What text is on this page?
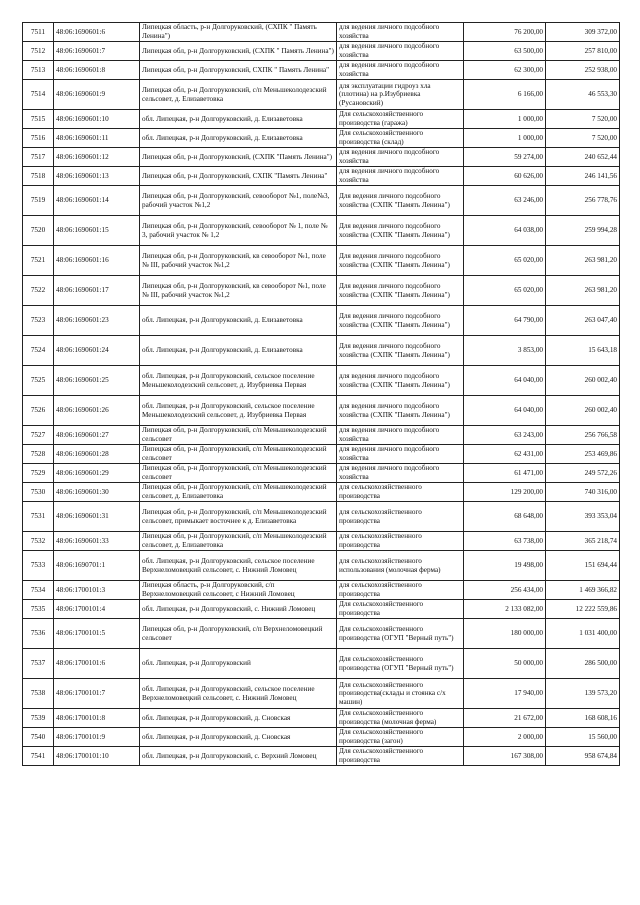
7511	48:06:1690601:6	Липецкая область, р-н Долгоруковский, (СХПК " Память Ленина")	для ведения личного подсобного хозяйства	76 200,00	309 372,00
7512	48:06:1690601:7	Липецкая обл, р-н Долгоруковский, (СХПК " Память Ленина")	для ведения личного подсобного хозяйства	63 500,00	257 810,00
7513	48:06:1690601:8	Липецкая обл, р-н Долгоруковский, СХПК " Память Ленина"	для ведения личного подсобного хозяйства	62 300,00	252 938,00
7514	48:06:1690601:9	Липецкая обл, р-н Долгоруковский, с/п Меньшеколодезский сельсовет, д. Елизаветовка	для эксплуатации гидроуз хла (плотина) на р.Изубриевка (Русановский)	6 166,00	46 553,30
7515	48:06:1690601:10	обл. Липецкая, р-н Долгоруковский, д. Елизаветовка	Для сельскохозяйственного производства (гаража)	1 000,00	7 520,00
7516	48:06:1690601:11	обл. Липецкая, р-н Долгоруковский, д. Елизаветовка	Для сельскохозяйственного производства (склад)	1 000,00	7 520,00
7517	48:06:1690601:12	Липецкая обл, р-н Долгоруковский, (СХПК "Память Ленина")	для ведения личного подсобного хозяйства	59 274,00	240 652,44
7518	48:06:1690601:13	Липецкая обл, р-н Долгоруковский, СХПК "Память Ленина"	для ведения личного подсобного хозяйства	60 626,00	246 141,56
7519	48:06:1690601:14	Липецкая обл, р-н Долгоруковский, севооборот №1, поле№3, рабочий участок №1,2	Для ведения личного подсобного хозяйства (СХПК "Память Ленина")	63 246,00	256 778,76
7520	48:06:1690601:15	Липецкая обл, р-н Долгоруковский, севооборот № 1, поле № 3, рабочий участок № 1,2	Для ведения личного подсобного хозяйства (СХПК "Память Ленина")	64 038,00	259 994,28
7521	48:06:1690601:16	Липецкая обл, р-н Долгоруковский, кв севооборот №1, поле № III, рабочий участок №1,2	Для ведения личного подсобного хозяйства (СХПК "Память Ленина")	65 020,00	263 981,20
7522	48:06:1690601:17	Липецкая обл, р-н Долгоруковский, кв севооборот №1, поле № III, рабочий участок №1,2	Для ведения личного подсобного хозяйства (СХПК "Память Ленина")	65 020,00	263 981,20
7523	48:06:1690601:23	обл. Липецкая, р-н Долгоруковский, д. Елизаветовка	Для ведения личного подсобного хозяйства (СХПК "Память Ленина")	64 790,00	263 047,40
7524	48:06:1690601:24	обл. Липецкая, р-н Долгоруковский, д. Елизаветовка	Для ведения личного подсобного хозяйства (СХПК "Память Ленина")	3 853,00	15 643,18
7525	48:06:1690601:25	обл. Липецкая, р-н Долгоруковский, сельское поселение Меньшеколодезский сельсовет, д. Изубриевка Первая	для ведения личного подсобного хозяйства (СХПК "Память Ленина")	64 040,00	260 002,40
7526	48:06:1690601:26	обл. Липецкая, р-н Долгоруковский, сельское поселение Меньшеколодезский сельсовет, д. Изубриевка Первая	для ведения личного подсобного хозяйства (СХПК "Память Ленина")	64 040,00	260 002,40
7527	48:06:1690601:27	Липецкая обл, р-н Долгоруковский, с/п Меньшеколодезский сельсовет	для ведения личного подсобного хозяйства	63 243,00	256 766,58
7528	48:06:1690601:28	Липецкая обл, р-н Долгоруковский, с/п Меньшеколодезский сельсовет	для ведения личного подсобного хозяйства	62 431,00	253 469,86
7529	48:06:1690601:29	Липецкая обл, р-н Долгоруковский, с/п Меньшеколодезский сельсовет	для ведения личного подсобного хозяйства	61 471,00	249 572,26
7530	48:06:1690601:30	Липецкая обл, р-н Долгоруковский, с/п Меньшеколодезский сельсовет, д. Елизаветовка	для сельскохозяйственного производства	129 200,00	740 316,00
7531	48:06:1690601:31	Липецкая обл, р-н Долгоруковский, с/п Меньшеколодезский сельсовет, примыкает восточнее к д. Елизаветовка	для сельскохозяйственного производства	68 648,00	393 353,04
7532	48:06:1690601:33	Липецкая обл, р-н Долгоруковский, с/п Меньшеколодезский сельсовет, д. Елизаветовка	для сельскохозяйственного производства	63 738,00	365 218,74
7533	48:06:1690701:1	обл. Липецкая, р-н Долгоруковский, сельское поселение Верхнеломовецкий сельсовет, с. Нижний Ломовец	для сельскохозяйственного использования (молочная ферма)	19 498,00	151 694,44
7534	48:06:1700101:3	Липецкая область, р-н Долгоруковский, с/п Верхнеломовецкий сельсовет, с Нижний Ломовец	для сельскохозяйственного производства	256 434,00	1 469 366,82
7535	48:06:1700101:4	обл. Липецкая, р-н Долгоруковский, с. Нижний Ломовец	Для сельскохозяйственного производства	2 133 082,00	12 222 559,86
7536	48:06:1700101:5	Липецкая обл, р-н Долгоруковский, с/п Верхнеломовецкий сельсовет	Для сельскохозяйственного производства (ОГУП "Верный путь")	180 000,00	1 031 400,00
7537	48:06:1700101:6	обл. Липецкая, р-н Долгоруковский	Для сельскохозяйственного производства (ОГУП "Верный путь")	50 000,00	286 500,00
7538	48:06:1700101:7	обл. Липецкая, р-н Долгоруковский, сельское поселение Верхнеломовецкий сельсовет, с. Нижний Ломовец	Для сельскохозяйственного производства(склады и стоянка с/х машин)	17 940,00	139 573,20
7539	48:06:1700101:8	обл. Липецкая, р-н Долгоруковский, д. Сновская	Для сельскохозяйственного производства (молочная ферма)	21 672,00	168 608,16
7540	48:06:1700101:9	обл. Липецкая, р-н Долгоруковский, д. Сновская	Для сельскохозяйственного производства (загон)	2 000,00	15 560,00
7541	48:06:1700101:10	обл. Липецкая, р-н Долгоруковский, с. Верхний Ломовец	Для сельскохозяйственного производства	167 308,00	958 674,84
